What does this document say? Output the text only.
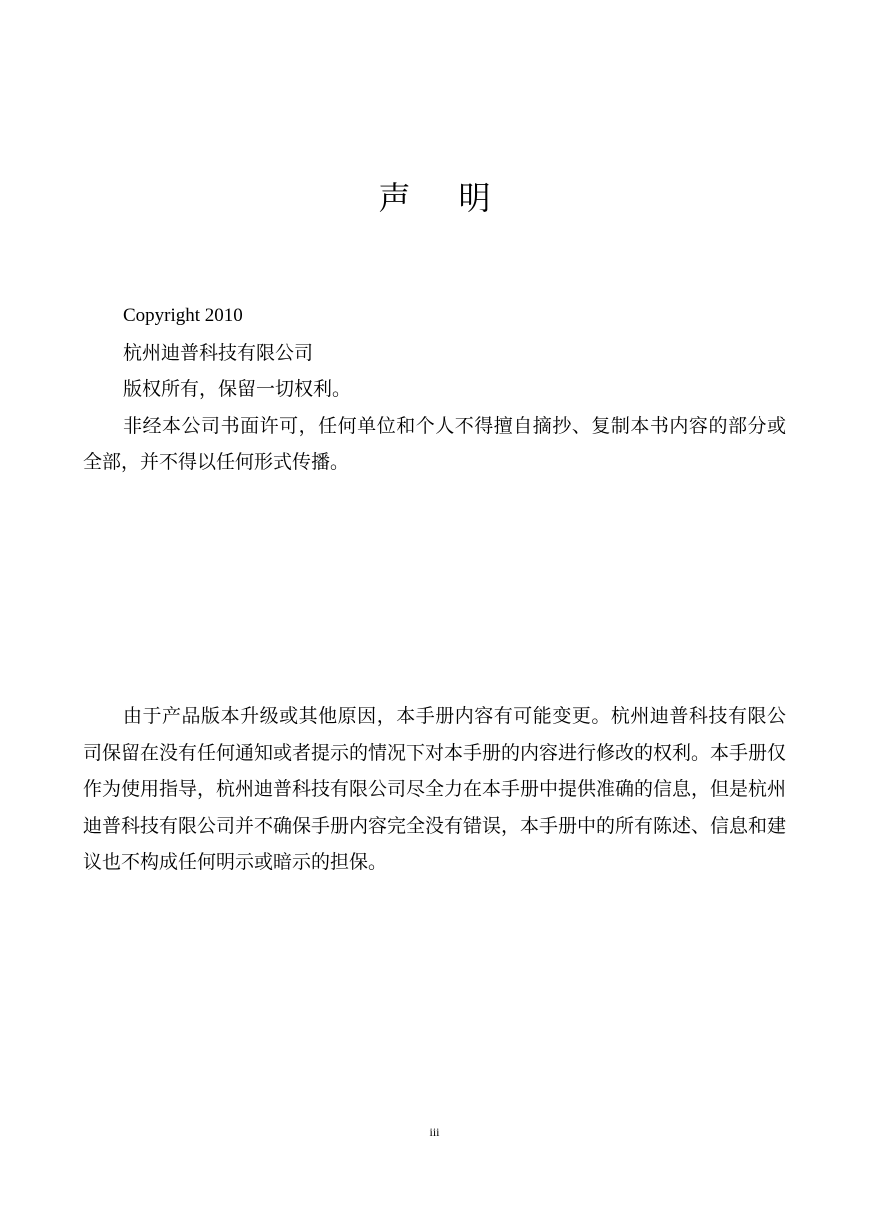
声 明

Copyright 2010

杭州迪普科技有限公司

版权所有，保留一切权利。

非经本公司书面许可，任何单位和个人不得擅自摘抄、复制本书内容的部分或全部，并不得以任何形式传播。

由于产品版本升级或其他原因，本手册内容有可能变更。杭州迪普科技有限公司保留在没有任何通知或者提示的情况下对本手册的内容进行修改的权利。本手册仅作为使用指导，杭州迪普科技有限公司尽全力在本手册中提供准确的信息，但是杭州迪普科技有限公司并不确保手册内容完全没有错误，本手册中的所有陈述、信息和建议也不构成任何明示或暗示的担保。

iii
